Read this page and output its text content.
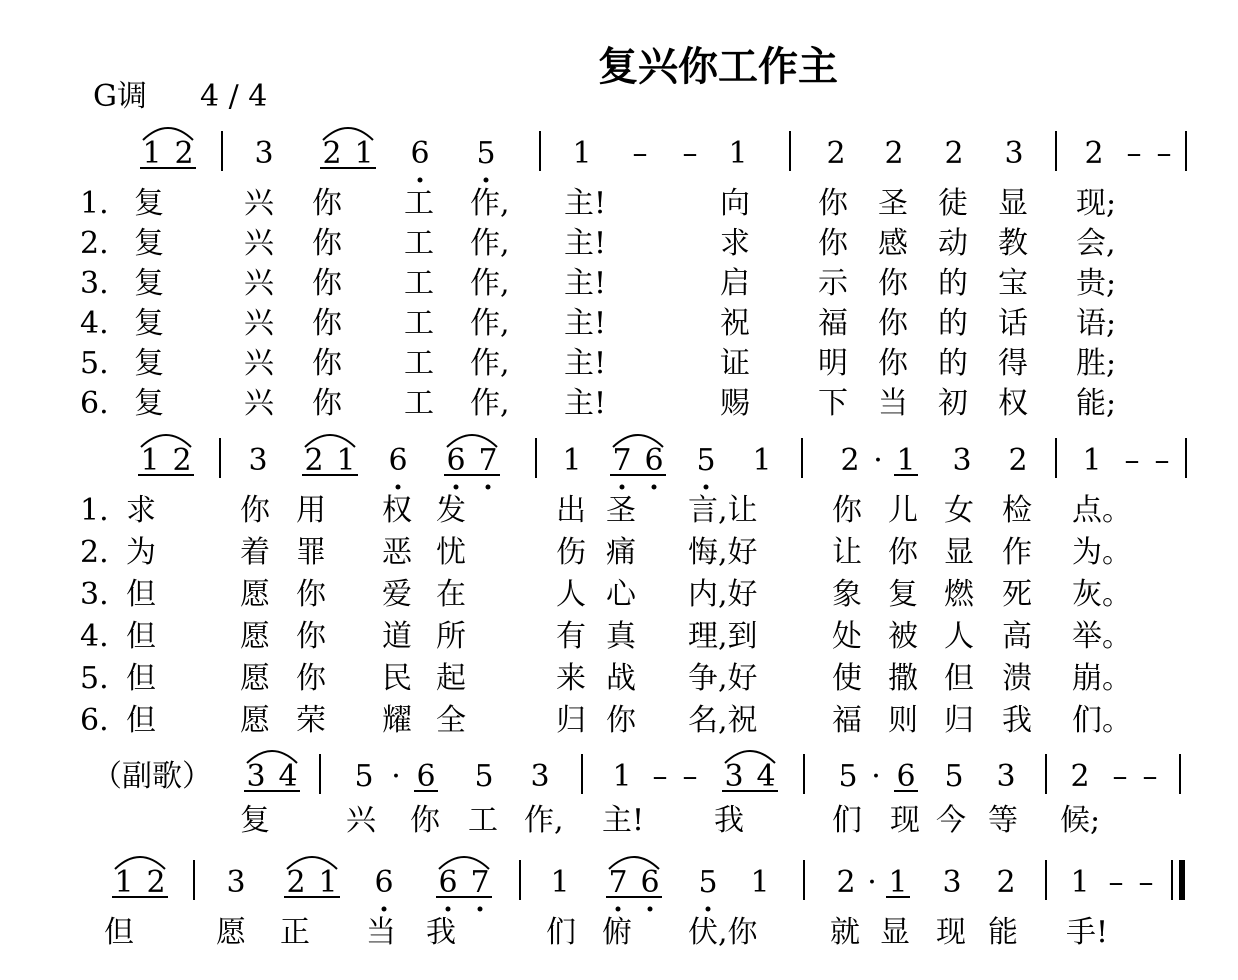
复兴你工作主
G调 4 / 4
1 2 3 2 1 6 5	1 – – 1	2 2 2 3 2 – –
1. 复	兴 你 工 作, 主!	向 你 圣 徒 显 现;
2. 复	兴 你 工 作, 主!	求 你 感 动 教 会,
3. 复	兴 你 工 作, 主!	启 示 你 的 宝 贵;
4. 复	兴 你 工 作, 主!	祝 福 你 的 话 语;
5. 复	兴 你 工 作, 主!	证 明 你 的 得 胜;
6. 复	兴 你 工 作, 主!	赐 下 当 初 权 能;
1 2 3 2 1 6 6 7 1 7 6 5 1 2 · 1 3 2 1 – –
1. 求	你 用 权 发	出 圣 言,让 你 儿 女 检 点。
2. 为	着 罪 恶 忧	伤 痛 悔,好 让 你 显 作 为。
3. 但	愿 你 爱 在	人 心 内,好 象 复 燃 死 灰。
4. 但	愿 你 道 所	有 真 理,到 处 被 人 高 举。
5. 但	愿 你 民 起	来 战 争,好 使 撒 但 溃 崩。
6. 但	愿 荣 耀 全	归 你 名,祝 福 则 归 我 们。
（副歌） 3 4 5 · 6 5 3 1 – – 3 4 5 · 6 5 3 2 – –
复	兴 你 工 作, 主! 我	们 现 今 等 候;
1 2 3 2 1 6 6 7 1 7 6 5 1 2 · 1 3 2 1 – –
但	愿 正 当 我	们 俯 伏,你 就 显 现 能 手!
